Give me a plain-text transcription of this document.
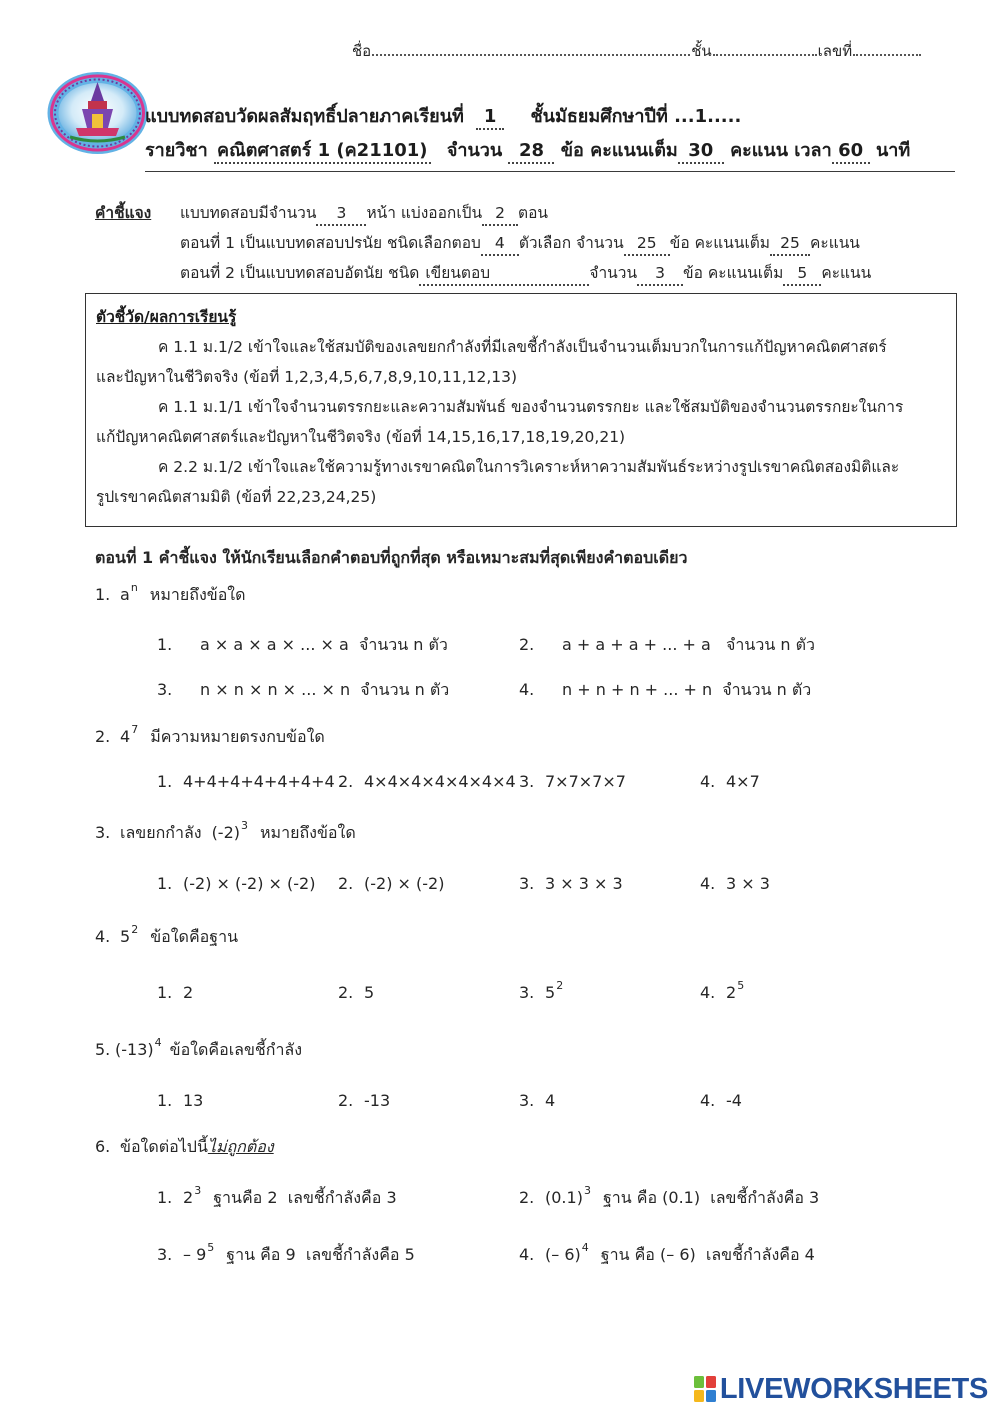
ชื่อ	ชั้น	เลขที่
แบบทดสอบวัดผลสัมฤทธิ์ปลายภาคเรียนที่ 1 ชั้นมัธยมศึกษาปีที่ ...1.....
รายวิชา คณิตศาสตร์ 1 (ค21101) จำนวน 28 ข้อ คะแนนเต็ม 30 คะแนน เวลา 60 นาที
คำชี้แจง แบบทดสอบมีจำนวน 3 หน้า แบ่งออกเป็น 2 ตอน
ตอนที่ 1 เป็นแบบทดสอบปรนัย ชนิดเลือกตอบ 4 ตัวเลือก จำนวน 25 ข้อ คะแนนเต็ม 25 คะแนน
ตอนที่ 2 เป็นแบบทดสอบอัตนัย ชนิด เขียนตอบ	จำนวน 3 ข้อ คะแนนเต็ม 5 คะแนน
ตัวชี้วัด/ผลการเรียนรู้
ค 1.1 ม.1/2 เข้าใจและใช้สมบัติของเลขยกกำลังที่มีเลขชี้กำลังเป็นจำนวนเต็มบวกในการแก้ปัญหาคณิตศาสตร์
และปัญหาในชีวิตจริง (ข้อที่ 1,2,3,4,5,6,7,8,9,10,11,12,13)
ค 1.1 ม.1/1 เข้าใจจำนวนตรรกยะและความสัมพันธ์ ของจำนวนตรรกยะ และใช้สมบัติของจำนวนตรรกยะในการ
แก้ปัญหาคณิตศาสตร์และปัญหาในชีวิตจริง (ข้อที่ 14,15,16,17,18,19,20,21)
ค 2.2 ม.1/2 เข้าใจและใช้ความรู้ทางเรขาคณิตในการวิเคราะห์หาความสัมพันธ์ระหว่างรูปเรขาคณิตสองมิติและ
รูปเรขาคณิตสามมิติ (ข้อที่ 22,23,24,25)
ตอนที่ 1 คำชี้แจง ให้นักเรียนเลือกคำตอบที่ถูกที่สุด หรือเหมาะสมที่สุดเพียงคำตอบเดียว
1. $a^n$ หมายถึงข้อใด
1. a × a × a × ... × a  จำนวน n ตัว	2. a + a + a + ... + a   จำนวน n ตัว
3. n × n × n × ... × n  จำนวน n ตัว	4. n + n + n + ... + n  จำนวน n ตัว
2. $4^7$ มีความหมายตรงกบข้อใด
1. 4+4+4+4+4+4+4 2. 4×4×4×4×4×4×4 3. 7×7×7×7	4. 4×7
3. เลขยกกำลัง $(-2)^3$ หมายถึงข้อใด
1. (-2) × (-2) × (-2) 2. (-2) × (-2)	3. 3 × 3 × 3	4. 3 × 3
4. $5^2$ ข้อใดคือฐาน
1. 2	2. 5	3. $5^2$	4. $2^5$
5. $(-13)^4$ ข้อใดคือเลขชี้กำลัง
1. 13	2. -13	3. 4	4. -4
6. ข้อใดต่อไปนี้ไม่ถูกต้อง
1. $2^3$ ฐานคือ 2  เลขชี้กำลังคือ 3	2. $(0.1)^3$ ฐาน คือ (0.1)  เลขชี้กำลังคือ 3
3. – $9^5$ ฐาน คือ 9  เลขชี้กำลังคือ 5	4. (– 6)$^4$ ฐาน คือ (– 6)  เลขชี้กำลังคือ 4
LIVEWORKSHEETS
